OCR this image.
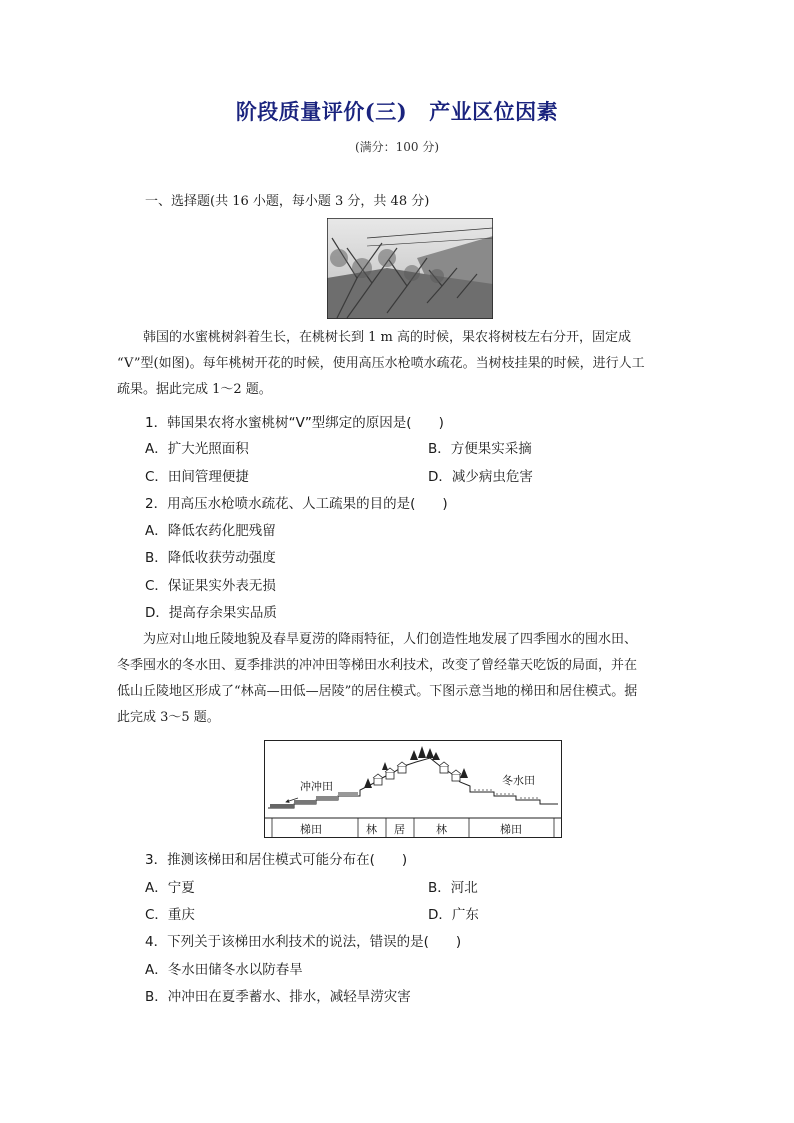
阶段质量评价(三) 产业区位因素
(满分：100 分)
一、选择题(共 16 小题，每小题 3 分，共 48 分)
韩国的水蜜桃树斜着生长，在桃树长到 1 m 高的时候，果农将树枝左右分开，固定成
“V”型(如图)。每年桃树开花的时候，使用高压水枪喷水疏花。当树枝挂果的时候，进行人工
疏果。据此完成 1～2 题。
1．韩国果农将水蜜桃树“V”型绑定的原因是(　　)
A．扩大光照面积	B．方便果实采摘
C．田间管理便捷	D．减少病虫危害
2．用高压水枪喷水疏花、人工疏果的目的是(　　)
A．降低农药化肥残留
B．降低收获劳动强度
C．保证果实外表无损
D．提高存余果实品质
为应对山地丘陵地貌及春旱夏涝的降雨特征，人们创造性地发展了四季囤水的囤水田、
冬季囤水的冬水田、夏季排洪的冲冲田等梯田水利技术，改变了曾经靠天吃饭的局面，并在
低山丘陵地区形成了“林高—田低—居陵”的居住模式。下图示意当地的梯田和居住模式。据
此完成 3～5 题。
冲冲田	冬水田
梯田	林 居	林	梯田
3．推测该梯田和居住模式可能分布在(　　)
A．宁夏	B．河北
C．重庆	D．广东
4．下列关于该梯田水利技术的说法，错误的是(　　)
A．冬水田储冬水以防春旱
B．冲冲田在夏季蓄水、排水，减轻旱涝灾害
